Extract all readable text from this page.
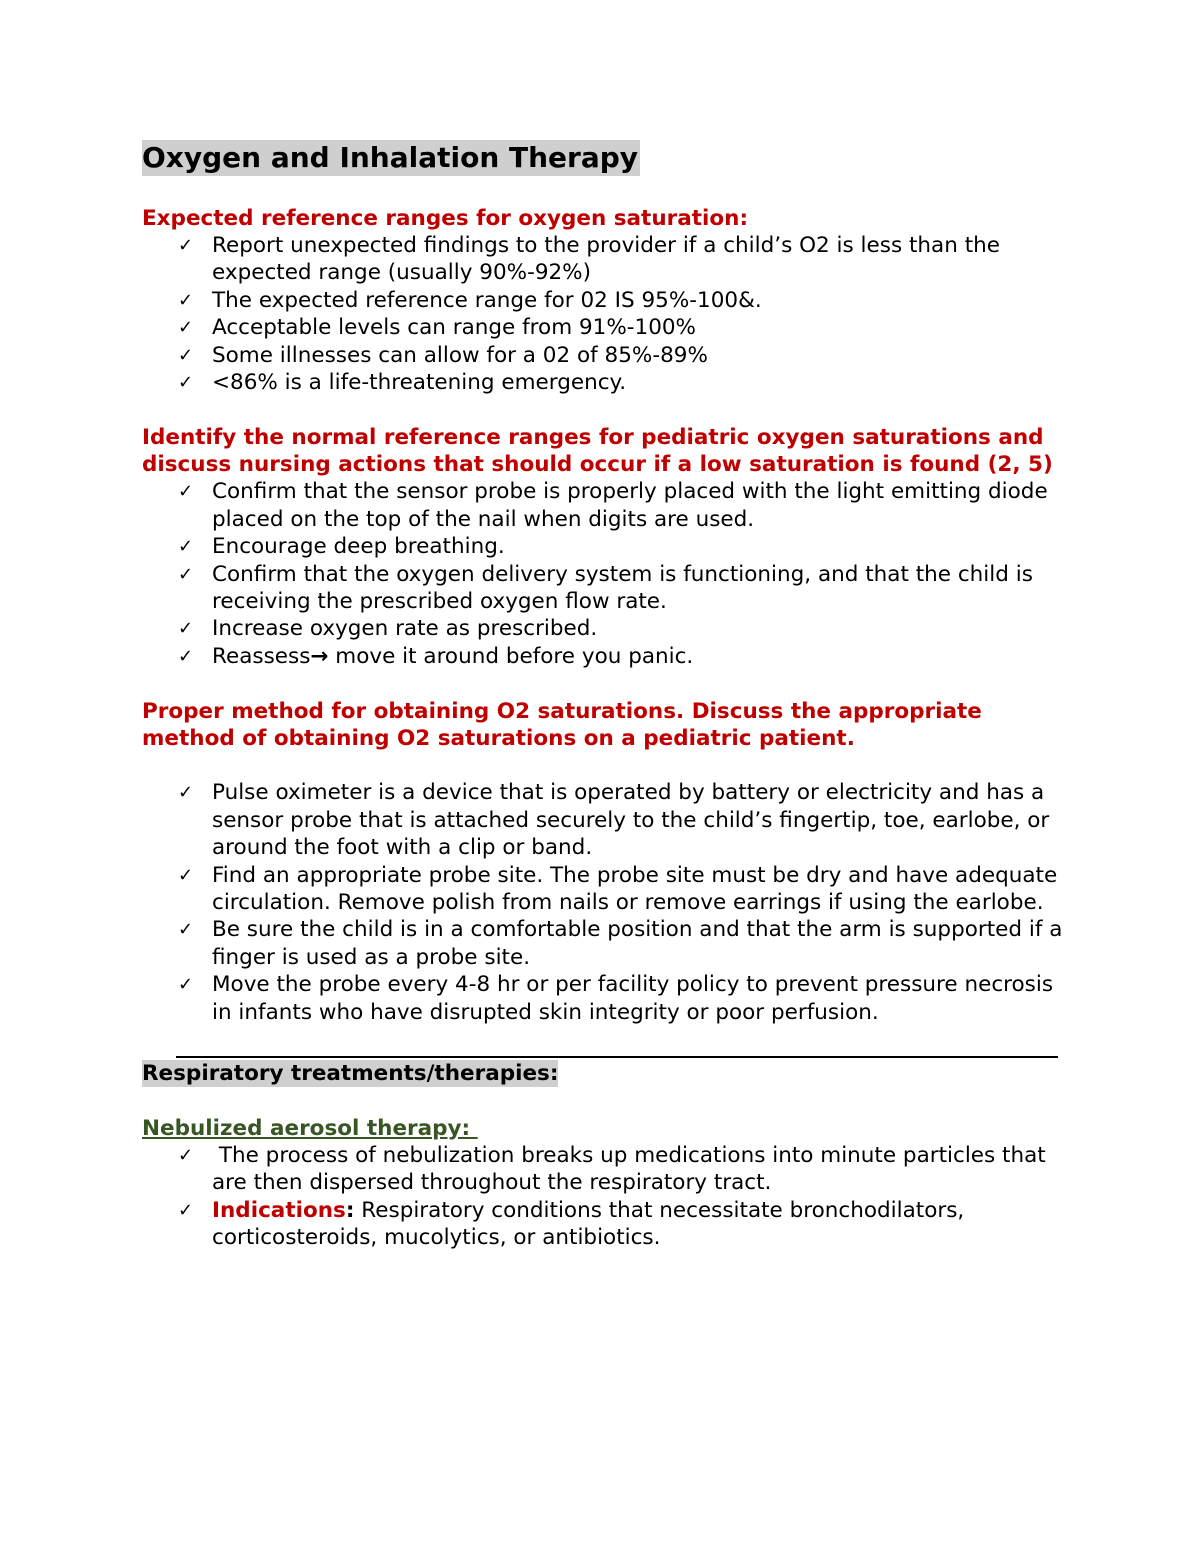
Oxygen and Inhalation Therapy
Expected reference ranges for oxygen saturation:
✓ Report unexpected findings to the provider if a child’s O2 is less than the expected range (usually 90%-92%)
✓ The expected reference range for 02 IS 95%-100&.
✓ Acceptable levels can range from 91%-100%
✓ Some illnesses can allow for a 02 of 85%-89%
✓ <86% is a life-threatening emergency.
Identify the normal reference ranges for pediatric oxygen saturations and discuss nursing actions that should occur if a low saturation is found (2, 5)
✓ Confirm that the sensor probe is properly placed with the light emitting diode placed on the top of the nail when digits are used.
✓ Encourage deep breathing.
✓ Confirm that the oxygen delivery system is functioning, and that the child is receiving the prescribed oxygen flow rate.
✓ Increase oxygen rate as prescribed.
✓ Reassess→ move it around before you panic.
Proper method for obtaining O2 saturations. Discuss the appropriate method of obtaining O2 saturations on a pediatric patient.
✓ Pulse oximeter is a device that is operated by battery or electricity and has a sensor probe that is attached securely to the child’s fingertip, toe, earlobe, or around the foot with a clip or band.
✓ Find an appropriate probe site. The probe site must be dry and have adequate circulation. Remove polish from nails or remove earrings if using the earlobe.
✓ Be sure the child is in a comfortable position and that the arm is supported if a finger is used as a probe site.
✓ Move the probe every 4-8 hr or per facility policy to prevent pressure necrosis in infants who have disrupted skin integrity or poor perfusion.
Respiratory treatments/therapies:
Nebulized aerosol therapy:
✓ The process of nebulization breaks up medications into minute particles that are then dispersed throughout the respiratory tract.
✓ Indications: Respiratory conditions that necessitate bronchodilators, corticosteroids, mucolytics, or antibiotics.
